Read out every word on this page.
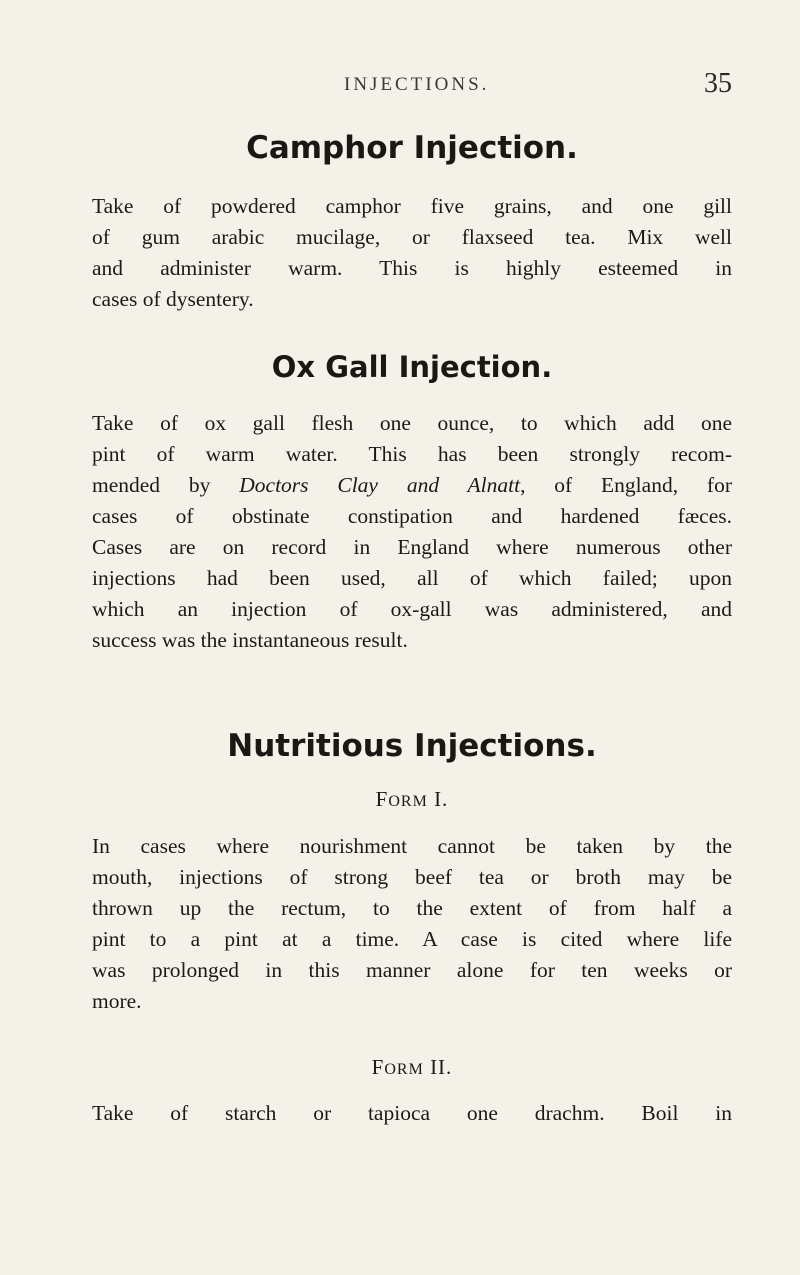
INJECTIONS.	35
Camphor Injection.
Take of powdered camphor five grains, and one gill
of gum arabic mucilage, or flaxseed tea. Mix well
and administer warm. This is highly esteemed in
cases of dysentery.
Ox Gall Injection.
Take of ox gall flesh one ounce, to which add one
pint of warm water. This has been strongly recom-
mended by Doctors Clay and Alnatt, of England, for
cases of obstinate constipation and hardened fæces.
Cases are on record in England where numerous other
injections had been used, all of which failed; upon
which an injection of ox-gall was administered, and
success was the instantaneous result.
Nutritious Injections.
FORM I.
In cases where nourishment cannot be taken by the
mouth, injections of strong beef tea or broth may be
thrown up the rectum, to the extent of from half a
pint to a pint at a time. A case is cited where life
was prolonged in this manner alone for ten weeks or
more.
FORM II.
Take of starch or tapioca one drachm. Boil in
